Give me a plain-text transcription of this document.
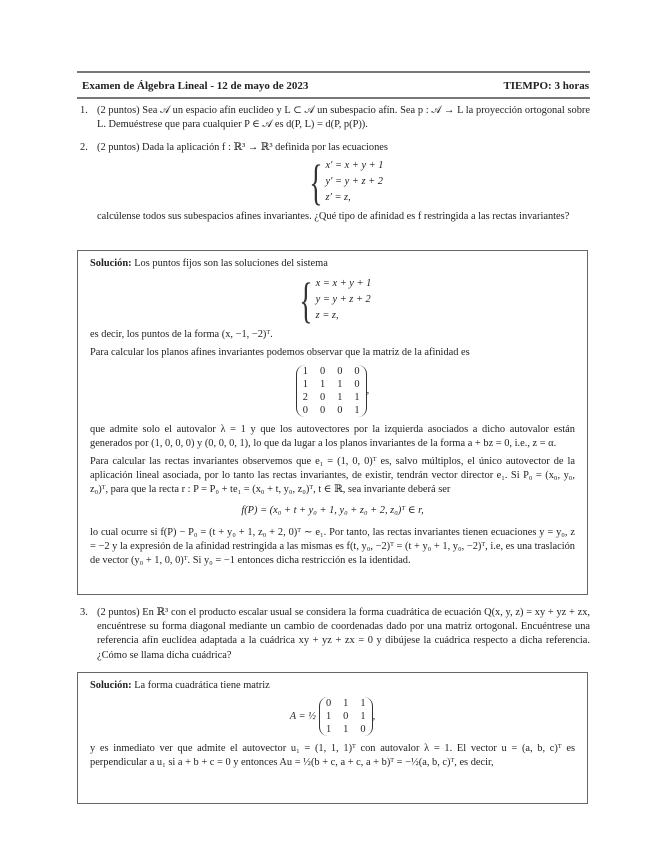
Examen de Álgebra Lineal - 12 de mayo de 2023	TIEMPO: 3 horas
1. (2 puntos) Sea 𝒜 un espacio afín euclídeo y L ⊂ 𝒜 un subespacio afín. Sea p : 𝒜 → L la proyección ortogonal sobre L. Demuéstrese que para cualquier P ∈ 𝒜 es d(P, L) = d(P, p(P)).
2. (2 puntos) Dada la aplicación f : ℝ³ → ℝ³ definida por las ecuaciones
{ x′ = x + y + 1
y′ = y + z + 2
z′ = z,
calcúlense todos sus subespacios afines invariantes. ¿Qué tipo de afinidad es f restringida a las rectas invariantes?

Solución: Los puntos fijos son las soluciones del sistema

{ x = x + y + 1
y = y + z + 2
z = z,

es decir, los puntos de la forma (x, −1, −2)ᵀ.

Para calcular los planos afines invariantes podemos observar que la matriz de la afinidad es

1 0 0 0
1 1 1 0
2 0 1 1
0 0 0 1
,

que admite solo el autovalor λ = 1 y que los autovectores por la izquierda asociados a dicho autovalor están generados por (1, 0, 0, 0) y (0, 0, 0, 1), lo que da lugar a los planos invariantes de la forma a + bz = 0, i.e., z = α.

Para calcular las rectas invariantes observemos que e₁ = (1, 0, 0)ᵀ es, salvo múltiplos, el único autovector de la aplicación lineal asociada, por lo tanto las rectas invariantes, de existir, tendrán vector director e₁. Si P₀ = (x₀, y₀, z₀)ᵀ, para que la recta r : P = P₀ + te₁ = (x₀ + t, y₀, z₀)ᵀ, t ∈ ℝ, sea invariante deberá ser

f(P) = (x₀ + t + y₀ + 1, y₀ + z₀ + 2, z₀)ᵀ ∈ r,

lo cual ocurre si f(P) − P₀ = (t + y₀ + 1, z₀ + 2, 0)ᵀ ∼ e₁. Por tanto, las rectas invariantes tienen ecuaciones y = y₀, z = −2 y la expresión de la afinidad restringida a las mismas es f(t, y₀, −2)ᵀ = (t + y₀ + 1, y₀, −2)ᵀ, i.e, es una traslación de vector (y₀ + 1, 0, 0)ᵀ. Si y₀ = −1 entonces dicha restricción es la identidad.

3. (2 puntos) En ℝ³ con el producto escalar usual se considera la forma cuadrática de ecuación Q(x, y, z) = xy + yz + zx, encuéntrese su forma diagonal mediante un cambio de coordenadas dado por una matriz ortogonal. Encuéntrese una referencia afín euclídea adaptada a la cuádrica xy + yz + zx = 0 y dibújese la cuádrica respecto a dicha referencia. ¿Cómo se llama dicha cuádrica?

Solución: La forma cuadrática tiene matriz

A = ½
0 1 1
1 0 1
1 1 0
,

y es inmediato ver que admite el autovector u₁ = (1, 1, 1)ᵀ con autovalor λ = 1. El vector u = (a, b, c)ᵀ es perpendicular a u₁ si a + b + c = 0 y entonces Au = ½(b + c, a + c, a + b)ᵀ = −½(a, b, c)ᵀ, es decir,
